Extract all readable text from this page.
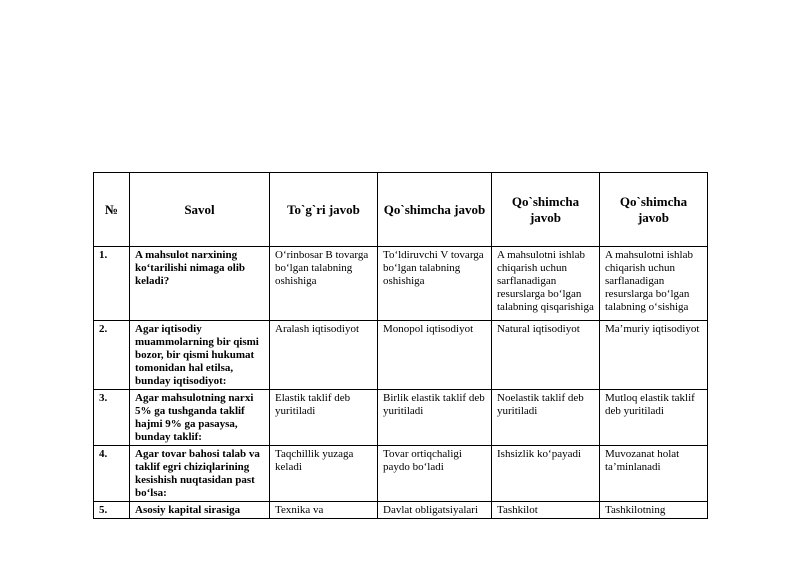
№	Savol	To`g`ri javob	Qo`shimcha javob	Qo`shimcha javob	Qo`shimcha javob
1.	A mahsulot narxining ko‘tarilishi nimaga olib keladi?	O‘rinbosar B tovarga bo‘lgan talabning oshishiga	To‘ldiruvchi V tovarga bo‘lgan talabning oshishiga	A mahsulotni ishlab chiqarish uchun sarflanadigan resurslarga bo‘lgan talabning qisqarishiga	A mahsulotni ishlab chiqarish uchun sarflanadigan resurslarga bo‘lgan talabning o‘sishiga
2.	Agar iqtisodiy muammolarning bir qismi bozor, bir qismi hukumat tomonidan hal etilsa, bunday iqtisodiyot:	Aralash iqtisodiyot	Monopol iqtisodiyot	Natural iqtisodiyot	Ma’muriy iqtisodiyot
3.	Agar mahsulotning narxi 5% ga tushganda taklif hajmi 9% ga pasaysa, bunday taklif:	Elastik taklif deb yuritiladi	Birlik elastik taklif deb yuritiladi	Noelastik taklif deb yuritiladi	Mutloq elastik taklif deb yuritiladi
4.	Agar tovar bahosi talab va taklif egri chiziqlarining kesishish nuqtasidan past bo‘lsa:	Taqchillik yuzaga keladi	Tovar ortiqchaligi paydo bo‘ladi	Ishsizlik ko‘payadi	Muvozanat holat ta’minlanadi
5.	Asosiy kapital sirasiga	Texnika va	Davlat obligatsiyalari	Tashkilot	Tashkilotning
